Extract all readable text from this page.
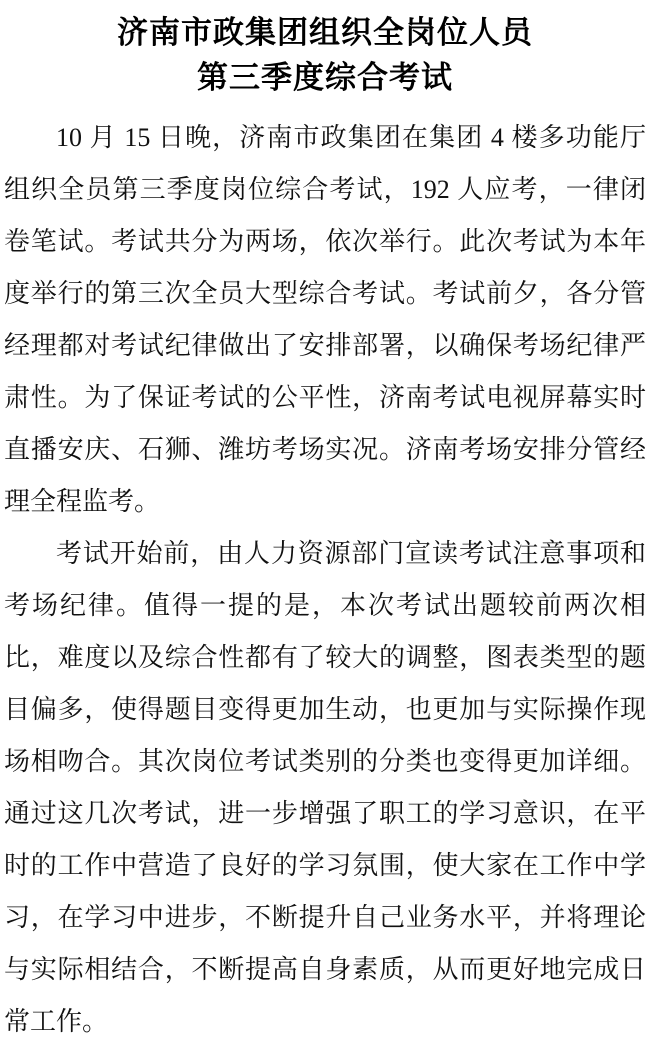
济南市政集团组织全岗位人员
第三季度综合考试

10 月 15 日晚，济南市政集团在集团 4 楼多功能厅组织全员第三季度岗位综合考试，192 人应考，一律闭卷笔试。考试共分为两场，依次举行。此次考试为本年度举行的第三次全员大型综合考试。考试前夕，各分管经理都对考试纪律做出了安排部署，以确保考场纪律严肃性。为了保证考试的公平性，济南考试电视屏幕实时直播安庆、石狮、潍坊考场实况。济南考场安排分管经理全程监考。

考试开始前，由人力资源部门宣读考试注意事项和考场纪律。值得一提的是，本次考试出题较前两次相比，难度以及综合性都有了较大的调整，图表类型的题目偏多，使得题目变得更加生动，也更加与实际操作现场相吻合。其次岗位考试类别的分类也变得更加详细。通过这几次考试，进一步增强了职工的学习意识，在平时的工作中营造了良好的学习氛围，使大家在工作中学习，在学习中进步，不断提升自己业务水平，并将理论与实际相结合，不断提高自身素质，从而更好地完成日常工作。
